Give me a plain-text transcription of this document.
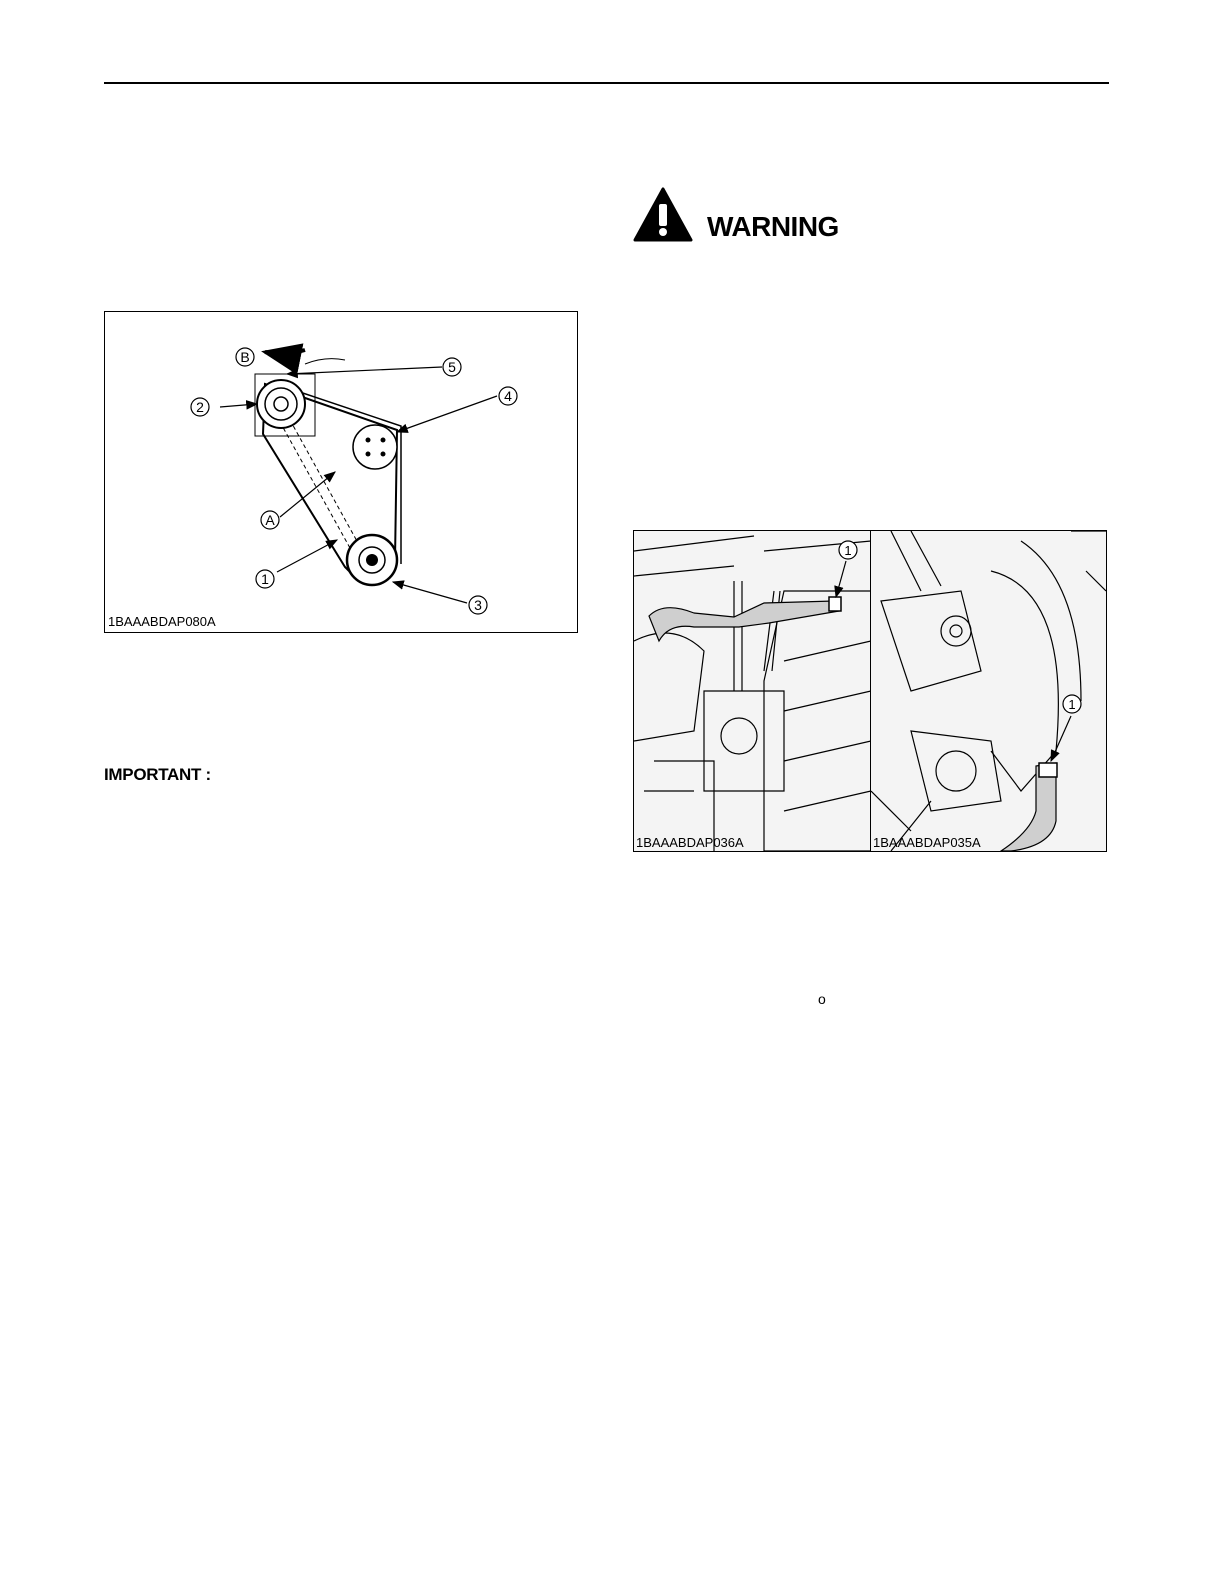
B
5
2
4
A
1
3
1BAAABDAP080A
WARNING
1
1BAAABDAP036A
1
1BAAABDAP035A
IMPORTANT :
o
